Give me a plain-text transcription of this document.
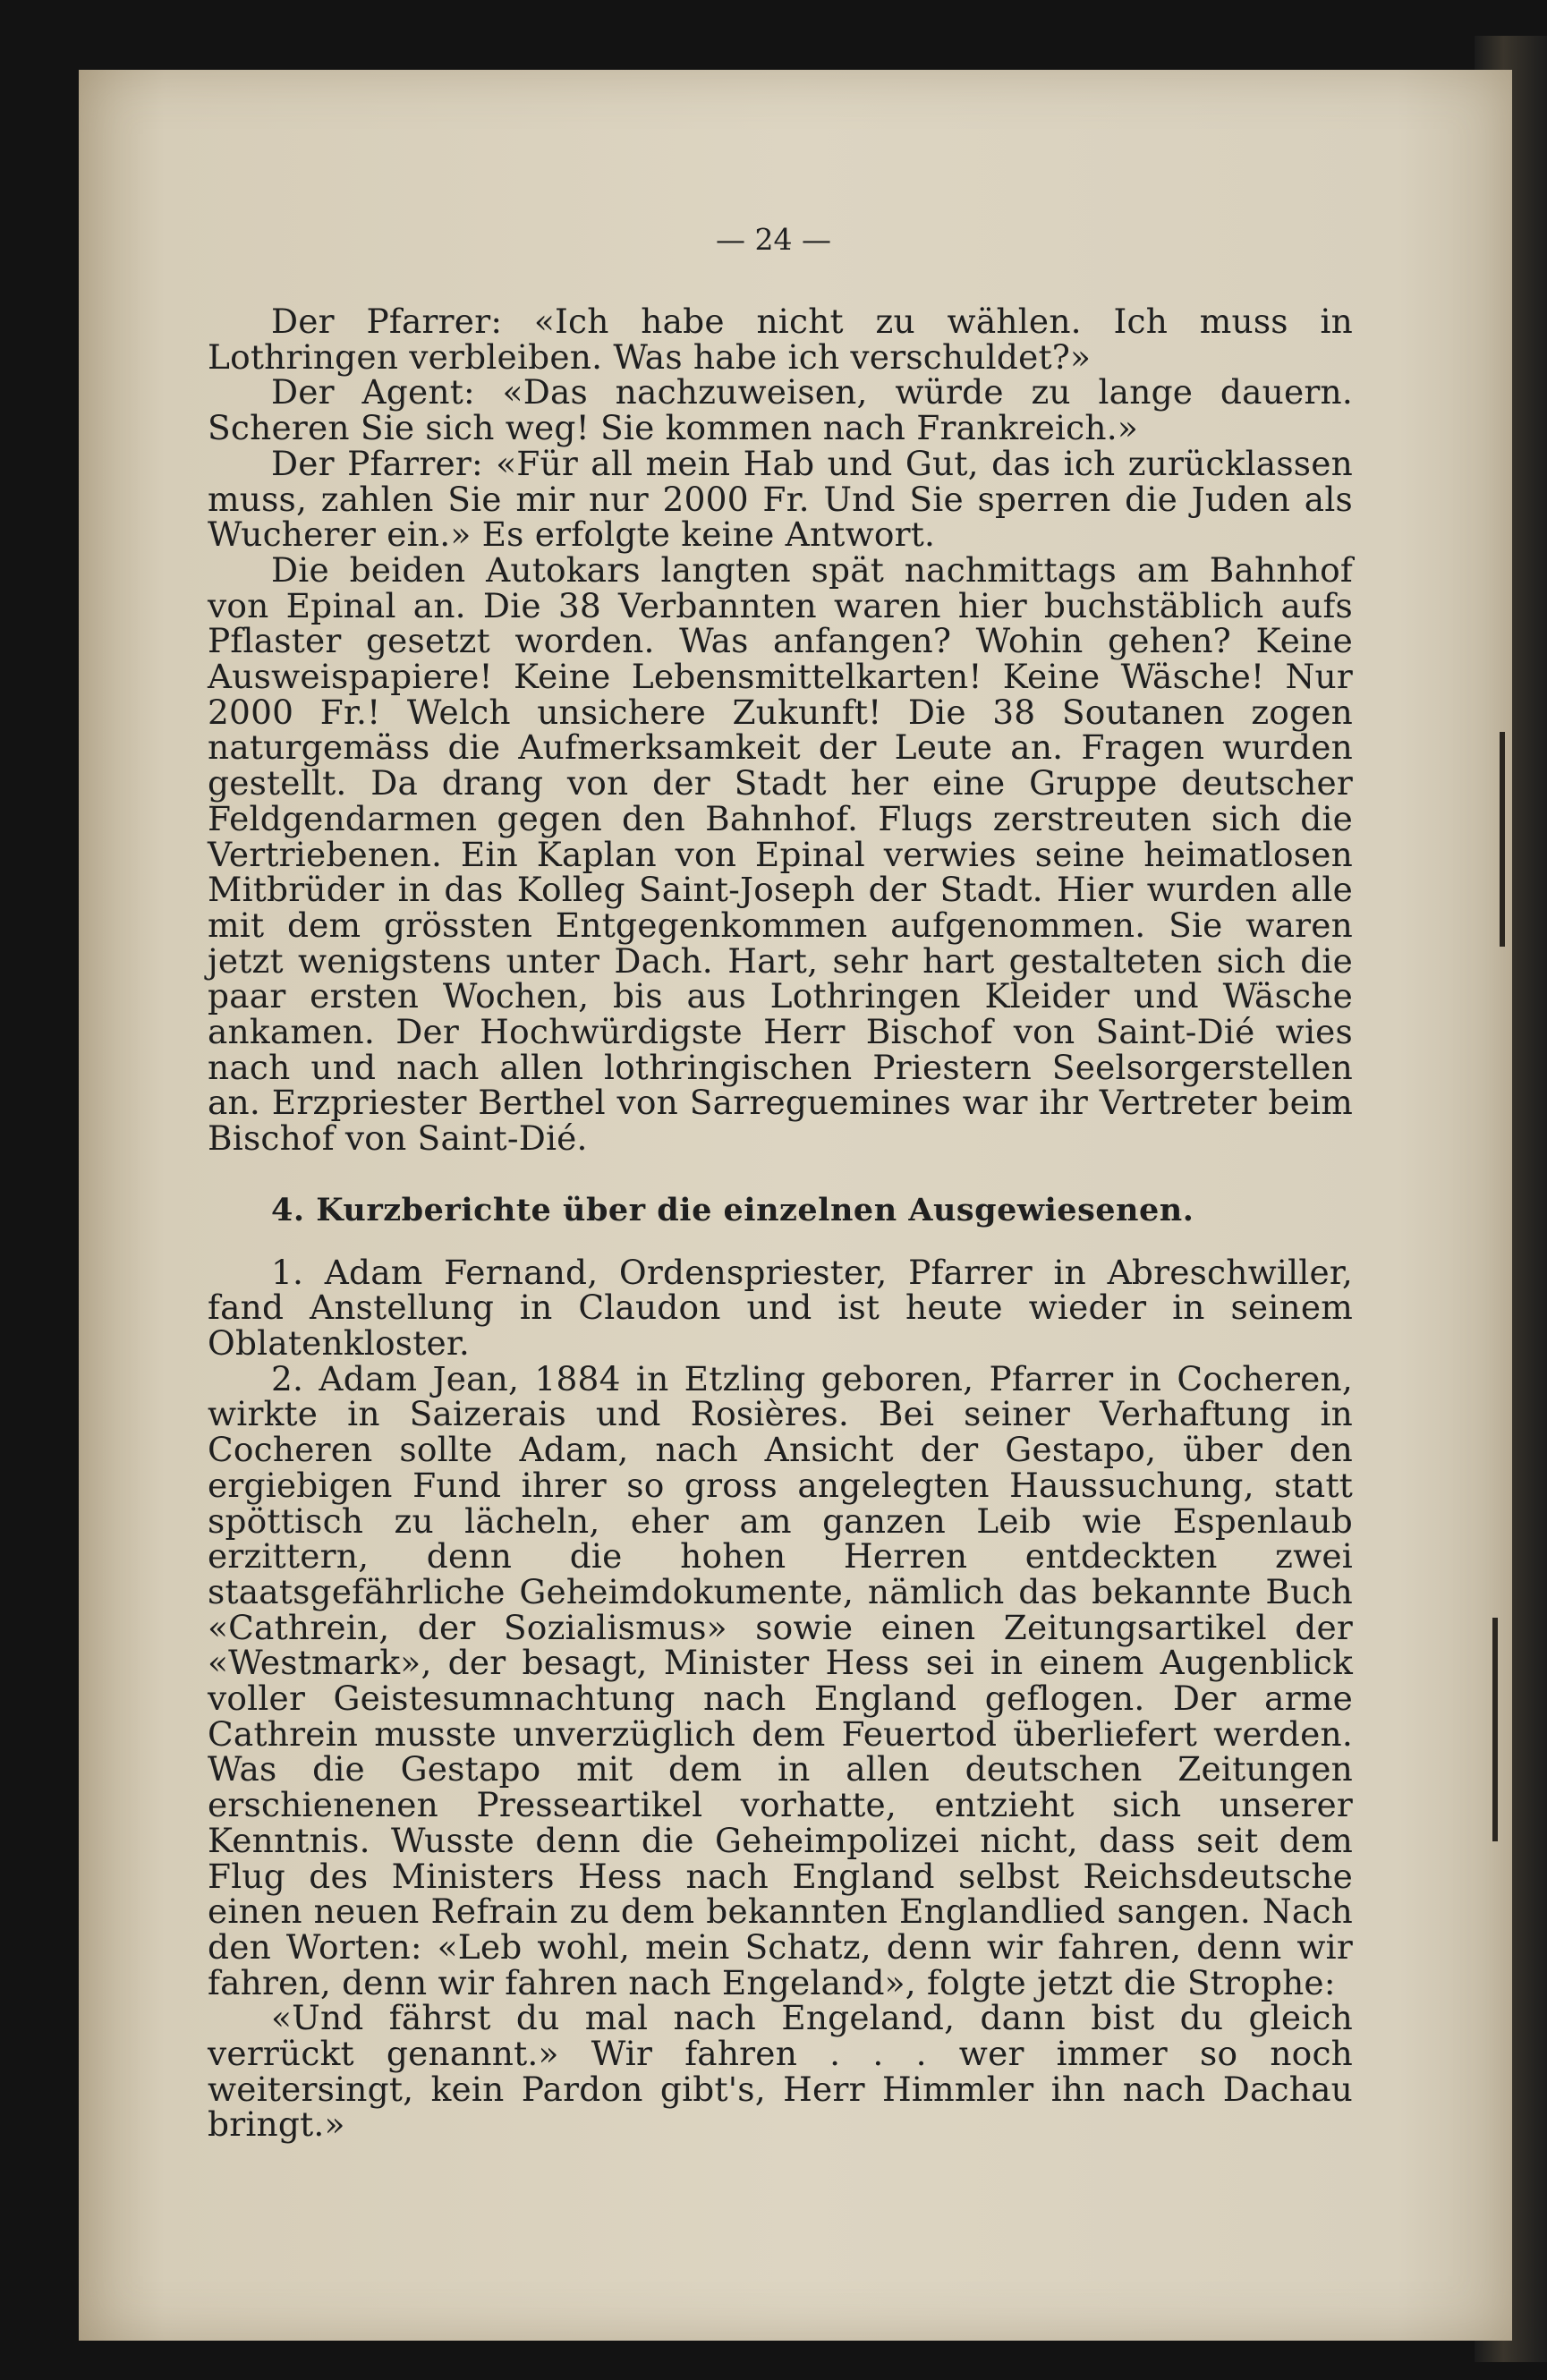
— 24 —

Der Pfarrer: «Ich habe nicht zu wählen. Ich muss in Lothringen verbleiben. Was habe ich verschuldet?»

Der Agent: «Das nachzuweisen, würde zu lange dauern. Scheren Sie sich weg! Sie kommen nach Frankreich.»

Der Pfarrer: «Für all mein Hab und Gut, das ich zurücklassen muss, zahlen Sie mir nur 2000 Fr. Und Sie sperren die Juden als Wucherer ein.» Es erfolgte keine Antwort.

Die beiden Autokars langten spät nachmittags am Bahnhof von Epinal an. Die 38 Verbannten waren hier buchstäblich aufs Pflaster gesetzt worden. Was anfangen? Wohin gehen? Keine Ausweispapiere! Keine Lebensmittelkarten! Keine Wäsche! Nur 2000 Fr.! Welch unsichere Zukunft! Die 38 Soutanen zogen naturgemäss die Aufmerksamkeit der Leute an. Fragen wurden gestellt. Da drang von der Stadt her eine Gruppe deutscher Feldgendarmen gegen den Bahnhof. Flugs zerstreuten sich die Vertriebenen. Ein Kaplan von Epinal verwies seine heimatlosen Mitbrüder in das Kolleg Saint-Joseph der Stadt. Hier wurden alle mit dem grössten Entgegenkommen aufgenommen. Sie waren jetzt wenigstens unter Dach. Hart, sehr hart gestalteten sich die paar ersten Wochen, bis aus Lothringen Kleider und Wäsche ankamen. Der Hochwürdigste Herr Bischof von Saint-Dié wies nach und nach allen lothringischen Priestern Seelsorgerstellen an. Erzpriester Berthel von Sarreguemines war ihr Vertreter beim Bischof von Saint-Dié.

4. Kurzberichte über die einzelnen Ausgewiesenen.

1. Adam Fernand, Ordenspriester, Pfarrer in Abreschwiller, fand Anstellung in Claudon und ist heute wieder in seinem Oblatenkloster.

2. Adam Jean, 1884 in Etzling geboren, Pfarrer in Cocheren, wirkte in Saizerais und Rosières. Bei seiner Verhaftung in Cocheren sollte Adam, nach Ansicht der Gestapo, über den ergiebigen Fund ihrer so gross angelegten Haussuchung, statt spöttisch zu lächeln, eher am ganzen Leib wie Espenlaub erzittern, denn die hohen Herren entdeckten zwei staatsgefährliche Geheimdokumente, nämlich das bekannte Buch «Cathrein, der Sozialismus» sowie einen Zeitungsartikel der «Westmark», der besagt, Minister Hess sei in einem Augenblick voller Geistesumnachtung nach England geflogen. Der arme Cathrein musste unverzüglich dem Feuertod überliefert werden. Was die Gestapo mit dem in allen deutschen Zeitungen erschienenen Presseartikel vorhatte, entzieht sich unserer Kenntnis. Wusste denn die Geheimpolizei nicht, dass seit dem Flug des Ministers Hess nach England selbst Reichsdeutsche einen neuen Refrain zu dem bekannten Englandlied sangen. Nach den Worten: «Leb wohl, mein Schatz, denn wir fahren, denn wir fahren, denn wir fahren nach Engeland», folgte jetzt die Strophe:

«Und fährst du mal nach Engeland, dann bist du gleich verrückt genannt.» Wir fahren . . . wer immer so noch weitersingt, kein Pardon gibt's, Herr Himmler ihn nach Dachau bringt.»
